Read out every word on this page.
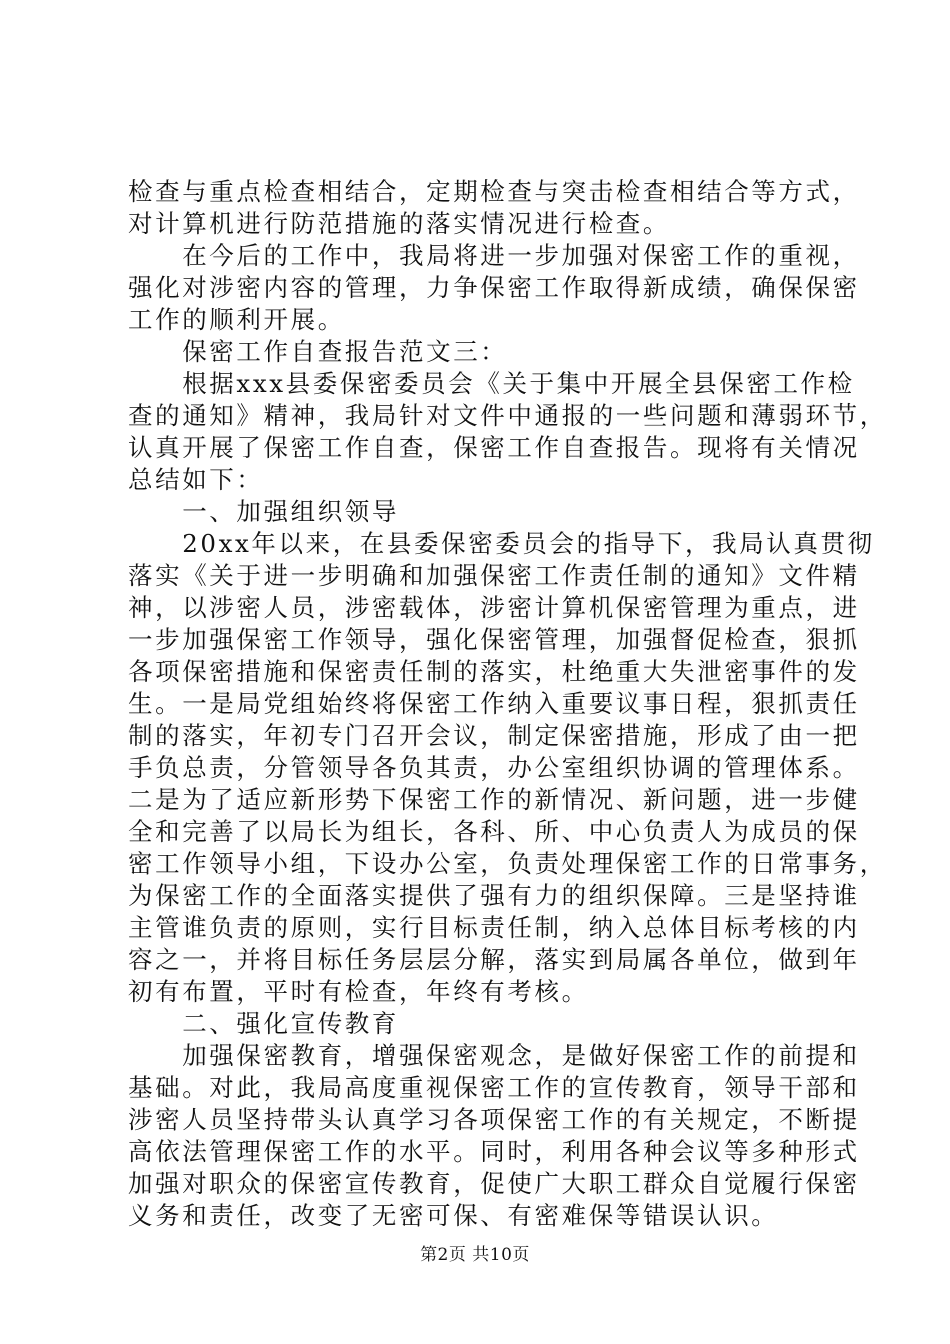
检查与重点检查相结合，定期检查与突击检查相结合等方式，
对计算机进行防范措施的落实情况进行检查。
　　在今后的工作中，我局将进一步加强对保密工作的重视，
强化对涉密内容的管理，力争保密工作取得新成绩，确保保密
工作的顺利开展。
　　保密工作自查报告范文三：
　　根据xxx县委保密委员会《关于集中开展全县保密工作检
查的通知》精神，我局针对文件中通报的一些问题和薄弱环节，
认真开展了保密工作自查，保密工作自查报告。现将有关情况
总结如下：
　　一、加强组织领导
　　20xx年以来，在县委保密委员会的指导下，我局认真贯彻
落实《关于进一步明确和加强保密工作责任制的通知》文件精
神，以涉密人员，涉密载体，涉密计算机保密管理为重点，进
一步加强保密工作领导，强化保密管理，加强督促检查，狠抓
各项保密措施和保密责任制的落实，杜绝重大失泄密事件的发
生。一是局党组始终将保密工作纳入重要议事日程，狠抓责任
制的落实，年初专门召开会议，制定保密措施，形成了由一把
手负总责，分管领导各负其责，办公室组织协调的管理体系。
二是为了适应新形势下保密工作的新情况、新问题，进一步健
全和完善了以局长为组长，各科、所、中心负责人为成员的保
密工作领导小组，下设办公室，负责处理保密工作的日常事务，
为保密工作的全面落实提供了强有力的组织保障。三是坚持谁
主管谁负责的原则，实行目标责任制，纳入总体目标考核的内
容之一，并将目标任务层层分解，落实到局属各单位，做到年
初有布置，平时有检查，年终有考核。
　　二、强化宣传教育
　　加强保密教育，增强保密观念，是做好保密工作的前提和
基础。对此，我局高度重视保密工作的宣传教育，领导干部和
涉密人员坚持带头认真学习各项保密工作的有关规定，不断提
高依法管理保密工作的水平。同时，利用各种会议等多种形式
加强对职众的保密宣传教育，促使广大职工群众自觉履行保密
义务和责任，改变了无密可保、有密难保等错误认识。
第2页 共10页
